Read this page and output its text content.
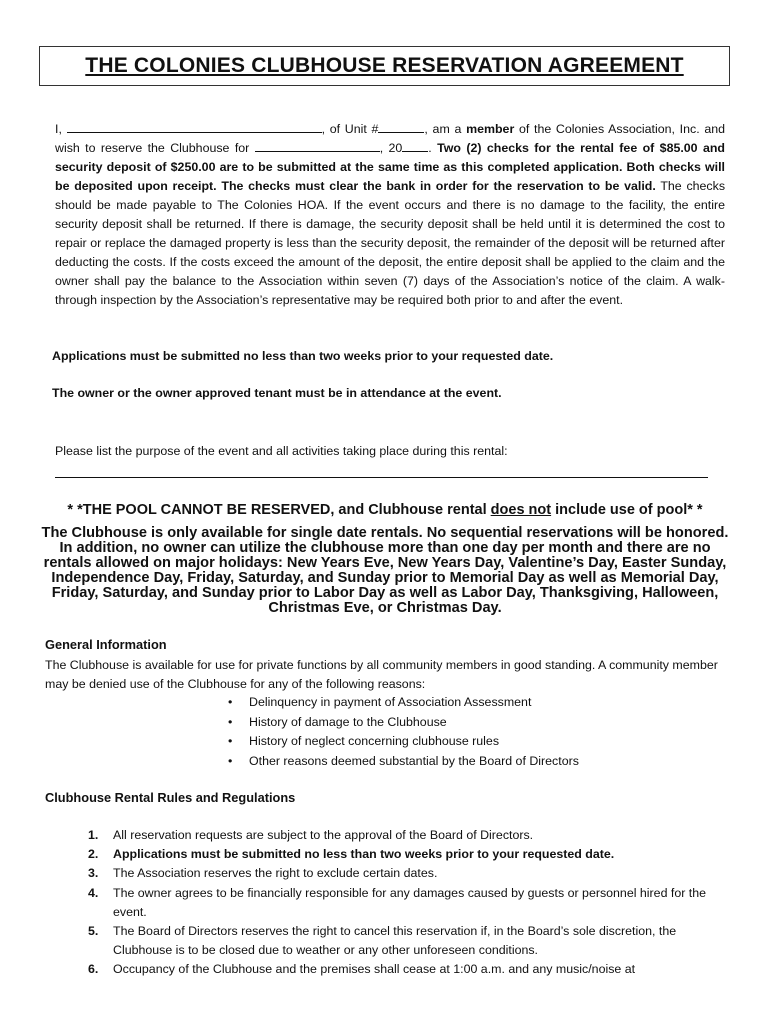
THE COLONIES CLUBHOUSE RESERVATION AGREEMENT
I,	, of Unit #	, am a member of the Colonies Association, Inc. and wish to reserve the Clubhouse for	, 20 . Two (2) checks for the rental fee of $85.00 and security deposit of $250.00 are to be submitted at the same time as this completed application. Both checks will be deposited upon receipt. The checks must clear the bank in order for the reservation to be valid. The checks should be made payable to The Colonies HOA. If the event occurs and there is no damage to the facility, the entire security deposit shall be returned. If there is damage, the security deposit shall be held until it is determined the cost to repair or replace the damaged property is less than the security deposit, the remainder of the deposit will be returned after deducting the costs. If the costs exceed the amount of the deposit, the entire deposit shall be applied to the claim and the owner shall pay the balance to the Association within seven (7) days of the Association’s notice of the claim. A walk-through inspection by the Association’s representative may be required both prior to and after the event.
Applications must be submitted no less than two weeks prior to your requested date.
The owner or the owner approved tenant must be in attendance at the event.
Please list the purpose of the event and all activities taking place during this rental:
* *THE POOL CANNOT BE RESERVED, and Clubhouse rental does not include use of pool* *
The Clubhouse is only available for single date rentals. No sequential reservations will be honored. In addition, no owner can utilize the clubhouse more than one day per month and there are no rentals allowed on major holidays: New Years Eve, New Years Day, Valentine’s Day, Easter Sunday, Independence Day, Friday, Saturday, and Sunday prior to Memorial Day as well as Memorial Day, Friday, Saturday, and Sunday prior to Labor Day as well as Labor Day, Thanksgiving, Halloween, Christmas Eve, or Christmas Day.
General Information
The Clubhouse is available for use for private functions by all community members in good standing. A community member may be denied use of the Clubhouse for any of the following reasons:
• Delinquency in payment of Association Assessment
• History of damage to the Clubhouse
• History of neglect concerning clubhouse rules
• Other reasons deemed substantial by the Board of Directors
Clubhouse Rental Rules and Regulations
1. All reservation requests are subject to the approval of the Board of Directors.
2. Applications must be submitted no less than two weeks prior to your requested date.
3. The Association reserves the right to exclude certain dates.
4. The owner agrees to be financially responsible for any damages caused by guests or personnel hired for the event.
5. The Board of Directors reserves the right to cancel this reservation if, in the Board’s sole discretion, the Clubhouse is to be closed due to weather or any other unforeseen conditions.
6. Occupancy of the Clubhouse and the premises shall cease at 1:00 a.m. and any music/noise at
